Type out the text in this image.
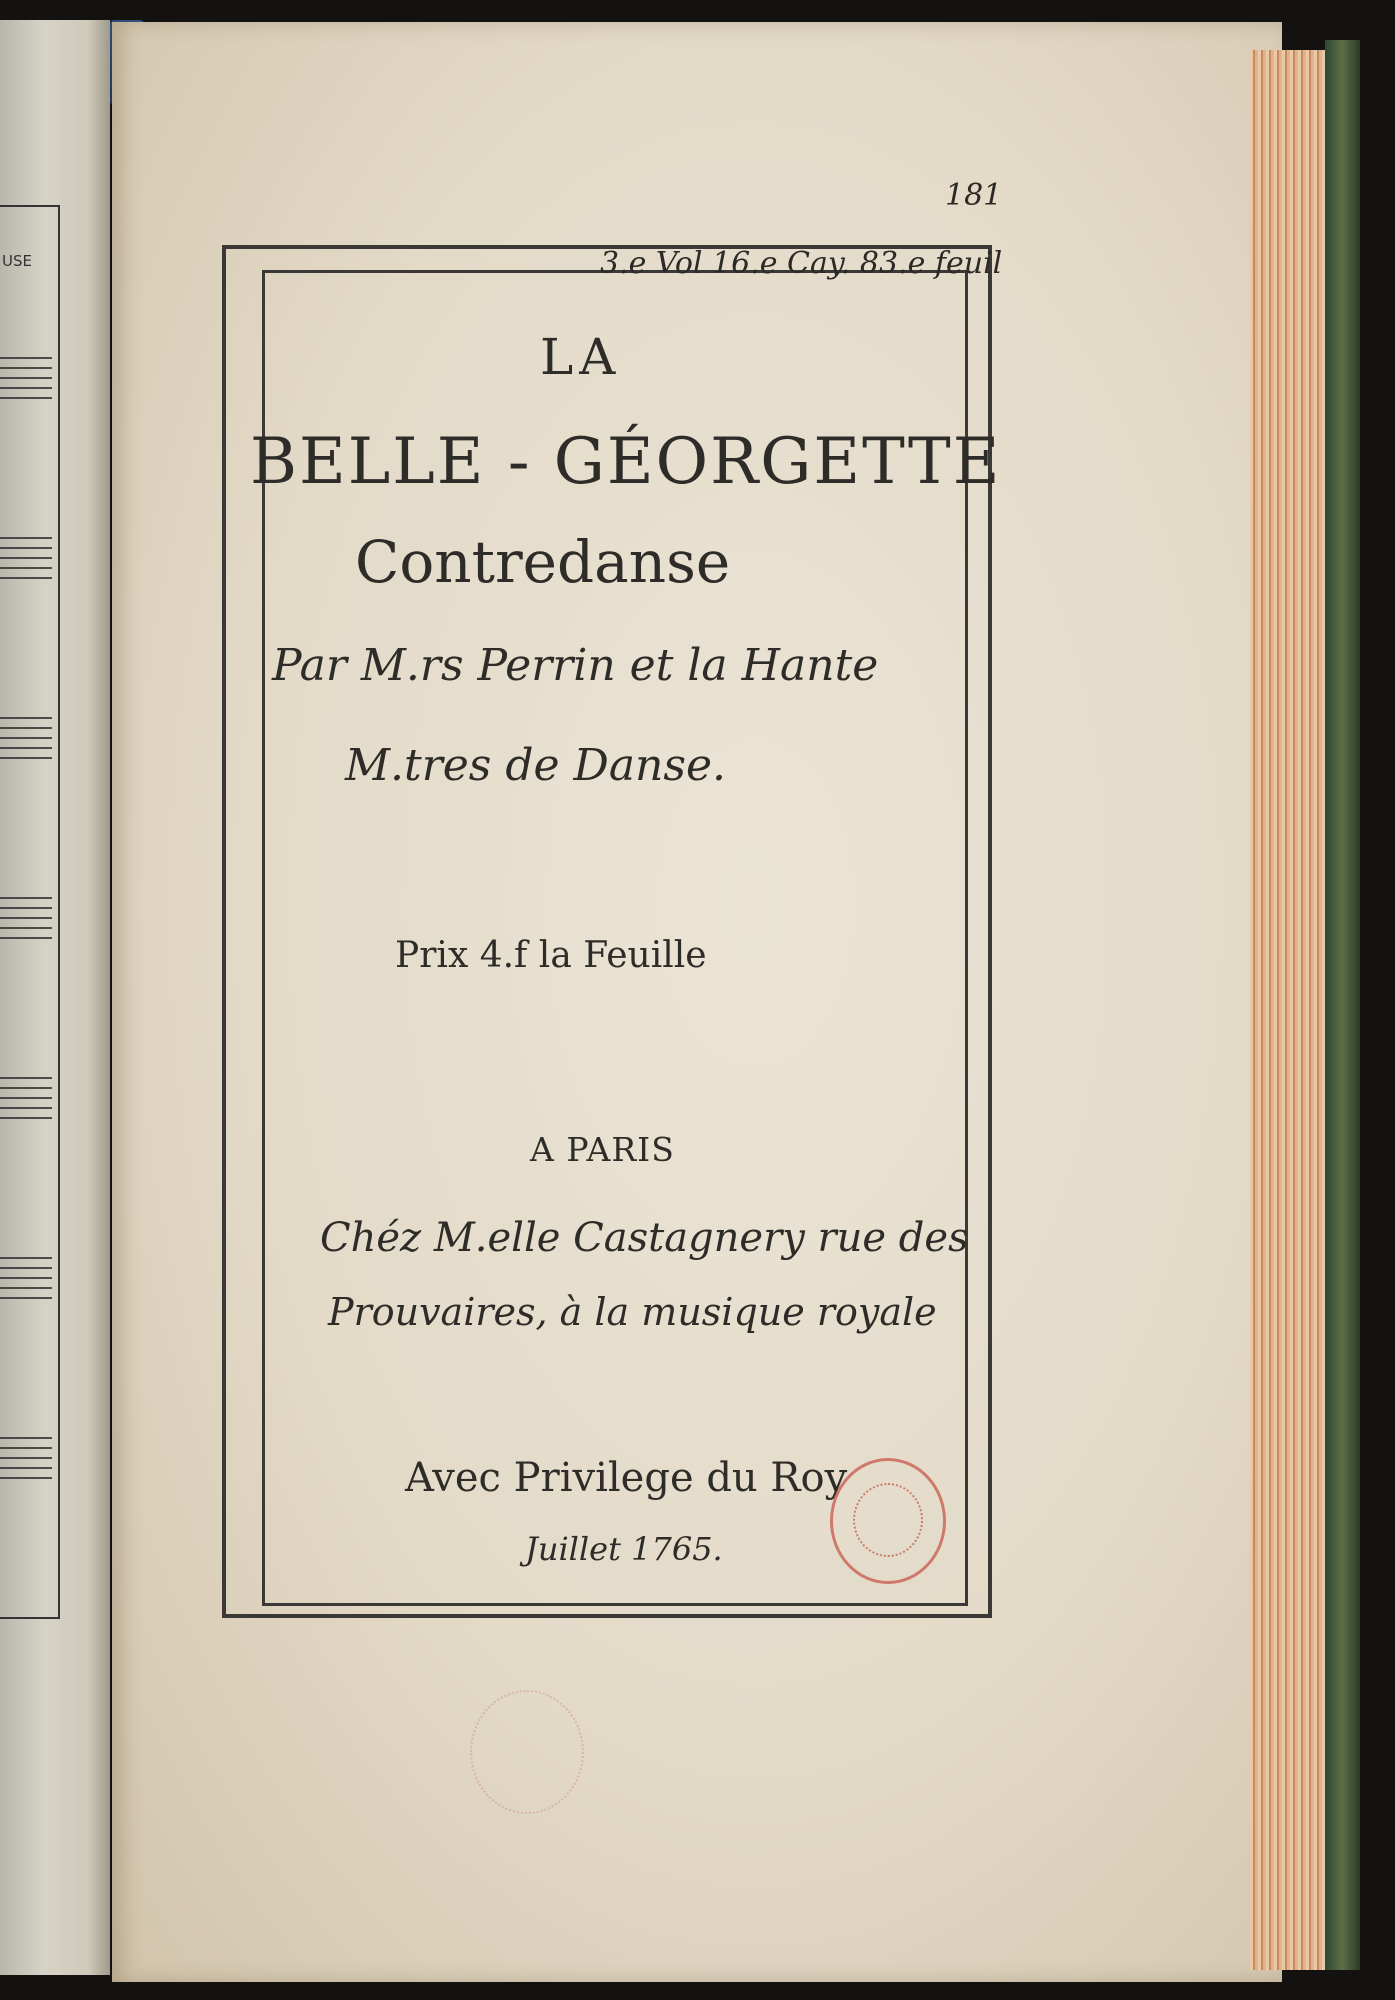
USE
181
3.e Vol 16.e Cay. 83.e feuil
LA
BELLE - GÉORGETTE
Contredanse
Par M.rs Perrin et la Hante
M.tres de Danse.
Prix 4.f la Feuille
A PARIS
Chéz M.elle Castagnery rue des
Prouvaires, à la musique royale
Avec Privilege du Roy
Juillet 1765.
